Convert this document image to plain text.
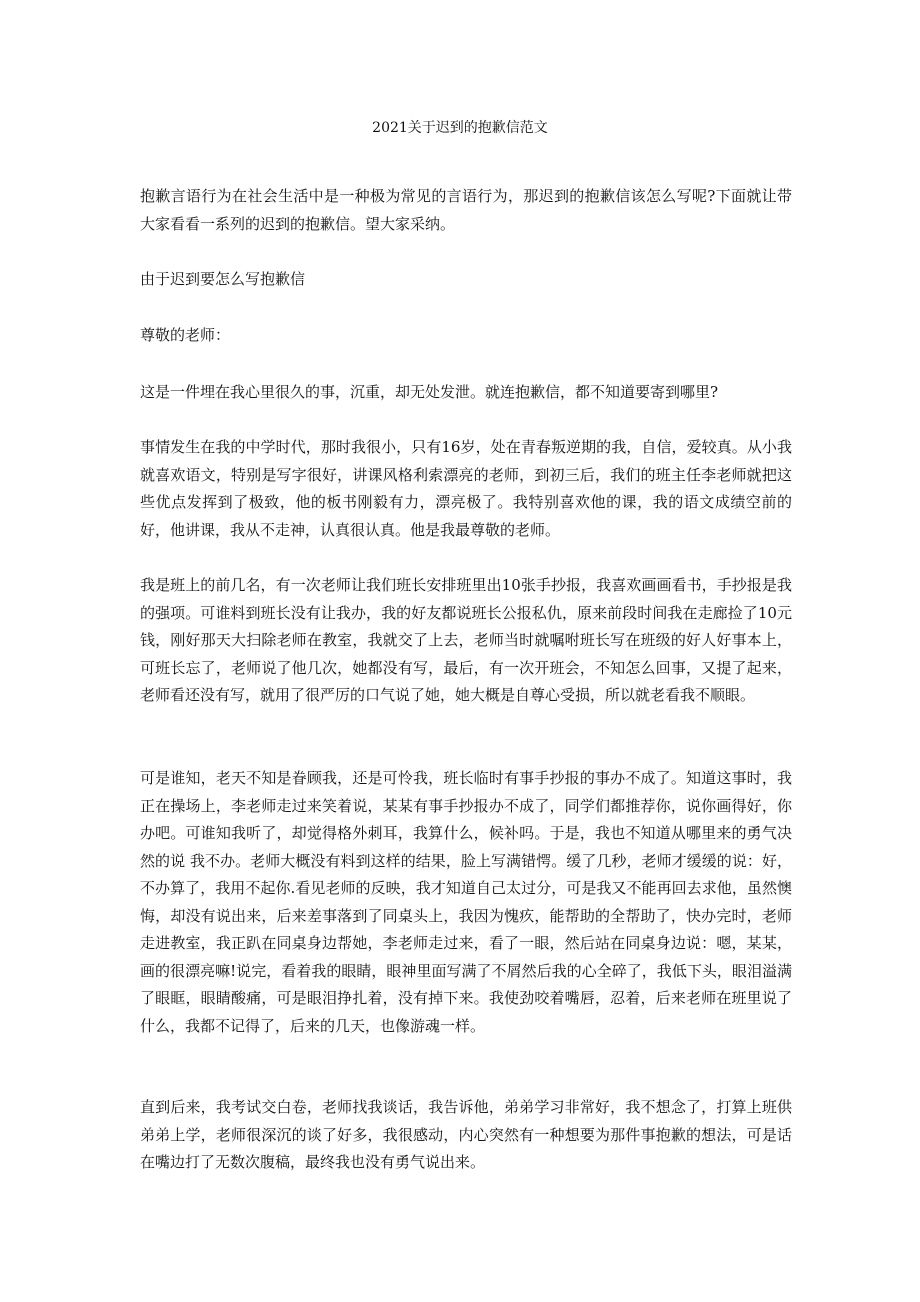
2021关于迟到的抱歉信范文

抱歉言语行为在社会生活中是一种极为常见的言语行为，那迟到的抱歉信该怎么写呢?下面就让带大家看看一系列的迟到的抱歉信。望大家采纳。

由于迟到要怎么写抱歉信

尊敬的老师：

这是一件埋在我心里很久的事，沉重，却无处发泄。就连抱歉信，都不知道要寄到哪里?

事情发生在我的中学时代，那时我很小，只有16岁，处在青春叛逆期的我，自信，爱较真。从小我就喜欢语文，特别是写字很好，讲课风格利索漂亮的老师，到初三后，我们的班主任李老师就把这些优点发挥到了极致，他的板书刚毅有力，漂亮极了。我特别喜欢他的课，我的语文成绩空前的好，他讲课，我从不走神，认真很认真。他是我最尊敬的老师。

我是班上的前几名，有一次老师让我们班长安排班里出10张手抄报，我喜欢画画看书，手抄报是我的强项。可谁料到班长没有让我办，我的好友都说班长公报私仇，原来前段时间我在走廊捡了10元钱，刚好那天大扫除老师在教室，我就交了上去，老师当时就嘱咐班长写在班级的好人好事本上，可班长忘了，老师说了他几次，她都没有写，最后，有一次开班会，不知怎么回事，又提了起来，老师看还没有写，就用了很严厉的口气说了她，她大概是自尊心受损，所以就老看我不顺眼。

可是谁知，老天不知是眷顾我，还是可怜我，班长临时有事手抄报的事办不成了。知道这事时，我正在操场上，李老师走过来笑着说，某某有事手抄报办不成了，同学们都推荐你，说你画得好，你办吧。可谁知我听了，却觉得格外刺耳，我算什么，候补吗。于是，我也不知道从哪里来的勇气决然的说 我不办。老师大概没有料到这样的结果，脸上写满错愕。缓了几秒，老师才缓缓的说：好，不办算了，我用不起你.看见老师的反映，我才知道自己太过分，可是我又不能再回去求他，虽然懊悔，却没有说出来，后来差事落到了同桌头上，我因为愧疚，能帮助的全帮助了，快办完时，老师走进教室，我正趴在同桌身边帮她，李老师走过来，看了一眼，然后站在同桌身边说：嗯，某某，画的很漂亮嘛!说完，看着我的眼睛，眼神里面写满了不屑然后我的心全碎了，我低下头，眼泪溢满了眼眶，眼睛酸痛，可是眼泪挣扎着，没有掉下来。我使劲咬着嘴唇，忍着，后来老师在班里说了什么，我都不记得了，后来的几天，也像游魂一样。

直到后来，我考试交白卷，老师找我谈话，我告诉他，弟弟学习非常好，我不想念了，打算上班供弟弟上学，老师很深沉的谈了好多，我很感动，内心突然有一种想要为那件事抱歉的想法，可是话在嘴边打了无数次腹稿，最终我也没有勇气说出来。
